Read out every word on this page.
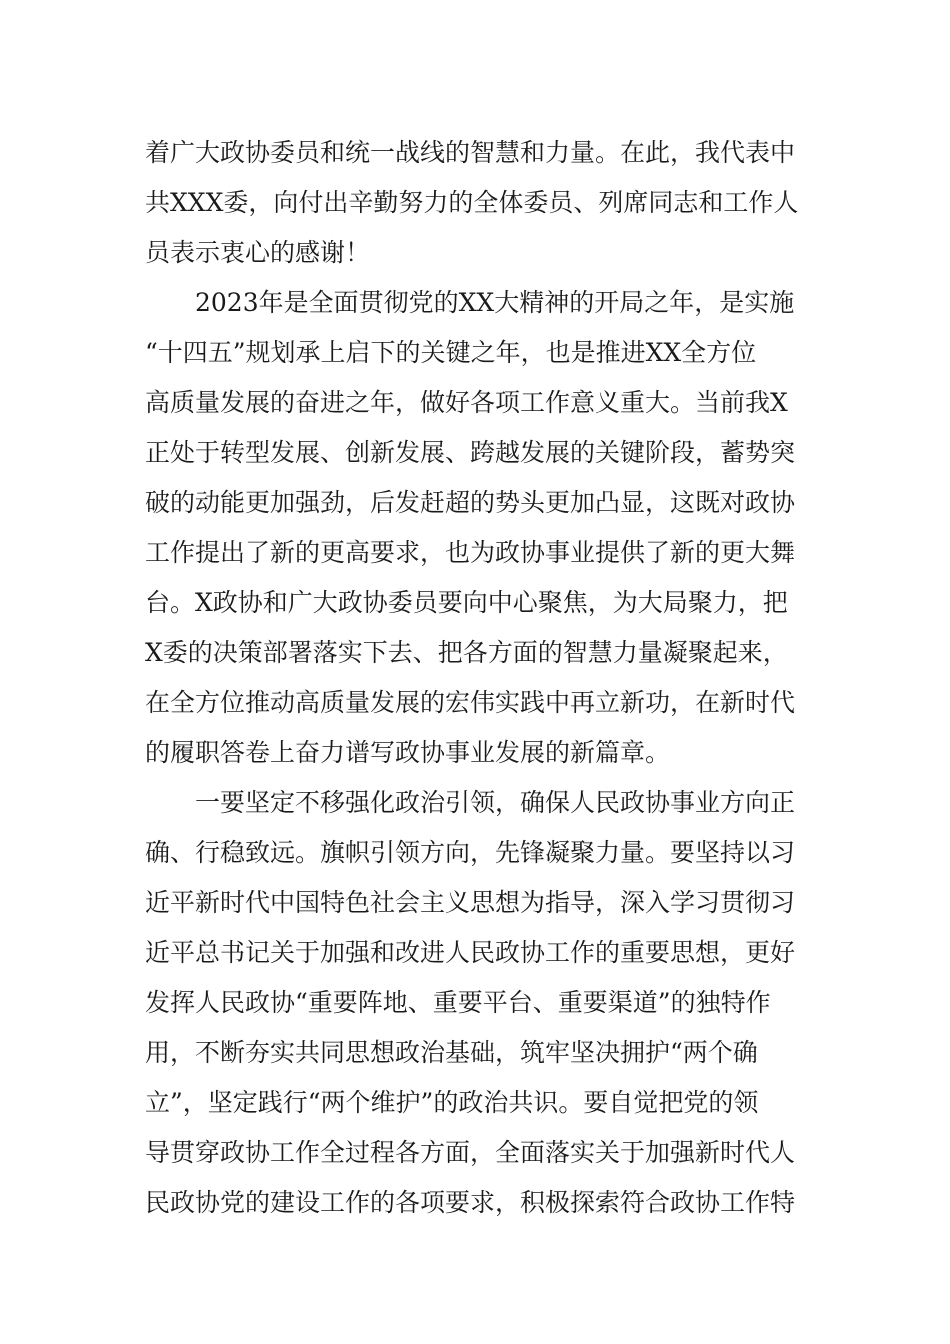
着广大政协委员和统一战线的智慧和力量。在此，我代表中
共XXX委，向付出辛勤努力的全体委员、列席同志和工作人
员表示衷心的感谢！
2023年是全面贯彻党的XX大精神的开局之年，是实施
“十四五”规划承上启下的关键之年，也是推进XX全方位
高质量发展的奋进之年，做好各项工作意义重大。当前我X
正处于转型发展、创新发展、跨越发展的关键阶段，蓄势突
破的动能更加强劲，后发赶超的势头更加凸显，这既对政协
工作提出了新的更高要求，也为政协事业提供了新的更大舞
台。X政协和广大政协委员要向中心聚焦，为大局聚力，把
X委的决策部署落实下去、把各方面的智慧力量凝聚起来，
在全方位推动高质量发展的宏伟实践中再立新功，在新时代
的履职答卷上奋力谱写政协事业发展的新篇章。
一要坚定不移强化政治引领，确保人民政协事业方向正
确、行稳致远。旗帜引领方向，先锋凝聚力量。要坚持以习
近平新时代中国特色社会主义思想为指导，深入学习贯彻习
近平总书记关于加强和改进人民政协工作的重要思想，更好
发挥人民政协“重要阵地、重要平台、重要渠道”的独特作
用，不断夯实共同思想政治基础，筑牢坚决拥护“两个确
立”，坚定践行“两个维护”的政治共识。要自觉把党的领
导贯穿政协工作全过程各方面，全面落实关于加强新时代人
民政协党的建设工作的各项要求，积极探索符合政协工作特
